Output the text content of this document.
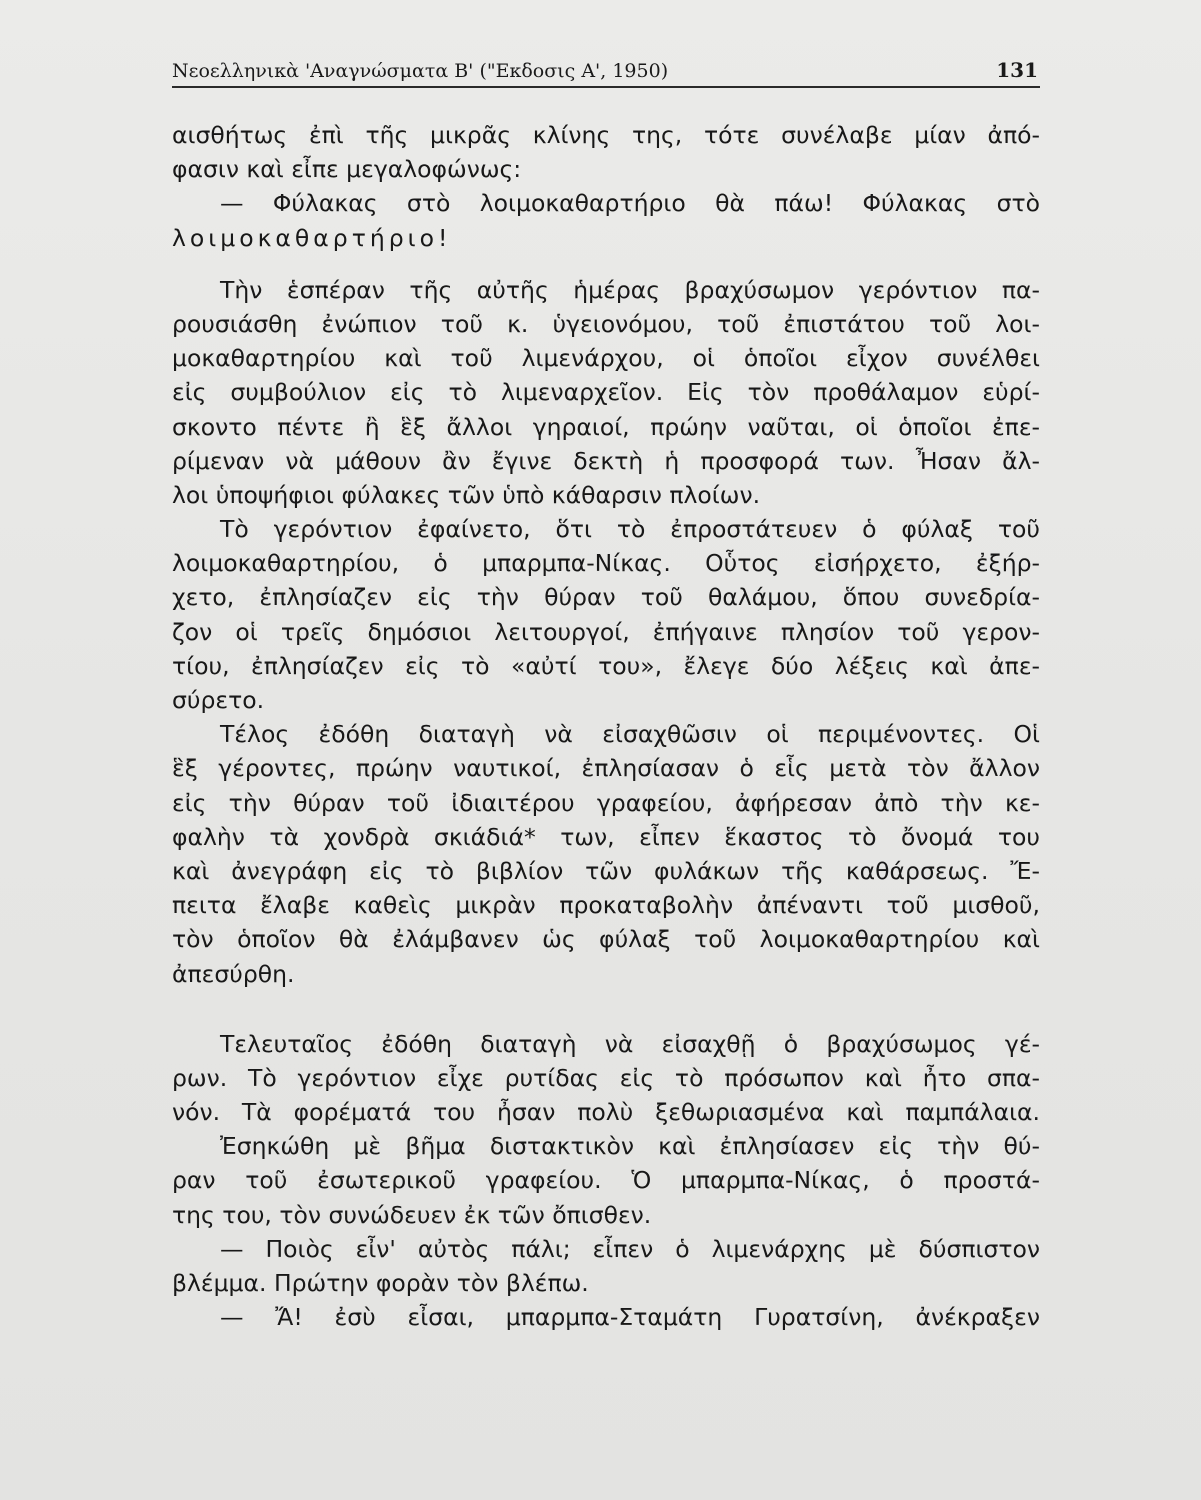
Νεοελληνικὰ 'Αναγνώσματα Β' ("Εκδοσις Α', 1950)	131
αισθήτως ἐπὶ τῆς μικρᾶς κλίνης της, τότε συνέλαβε μίαν ἀπό-
φασιν καὶ εἶπε μεγαλοφώνως:
— Φύλακας στὸ λοιμοκαθαρτήριο θὰ πάω! Φύλακας στὸ
λοιμοκαθαρτήριο!
Τὴν ἑσπέραν τῆς αὐτῆς ἡμέρας βραχύσωμον γερόντιον πα-
ρουσιάσθη ἐνώπιον τοῦ κ. ὑγειονόμου, τοῦ ἐπιστάτου τοῦ λοι-
μοκαθαρτηρίου καὶ τοῦ λιμενάρχου, οἱ ὁποῖοι εἶχον συνέλθει
εἰς συμβούλιον εἰς τὸ λιμεναρχεῖον. Εἰς τὸν προθάλαμον εὑρί-
σκοντο πέντε ἢ ἓξ ἄλλοι γηραιοί, πρώην ναῦται, οἱ ὁποῖοι ἐπε-
ρίμεναν νὰ μάθουν ἂν ἔγινε δεκτὴ ἡ προσφορά των. Ἦσαν ἄλ-
λοι ὑποψήφιοι φύλακες τῶν ὑπὸ κάθαρσιν πλοίων.
Τὸ γερόντιον ἐφαίνετο, ὅτι τὸ ἐπροστάτευεν ὁ φύλαξ τοῦ
λοιμοκαθαρτηρίου, ὁ μπαρμπα-Νίκας. Οὗτος εἰσήρχετο, ἐξήρ-
χετο, ἐπλησίαζεν εἰς τὴν θύραν τοῦ θαλάμου, ὅπου συνεδρία-
ζον οἱ τρεῖς δημόσιοι λειτουργοί, ἐπήγαινε πλησίον τοῦ γερον-
τίου, ἐπλησίαζεν εἰς τὸ «αὐτί του», ἔλεγε δύο λέξεις καὶ ἀπε-
σύρετο.
Τέλος ἐδόθη διαταγὴ νὰ εἰσαχθῶσιν οἱ περιμένοντες. Οἱ
ἓξ γέροντες, πρώην ναυτικοί, ἐπλησίασαν ὁ εἷς μετὰ τὸν ἄλλον
εἰς τὴν θύραν τοῦ ἰδιαιτέρου γραφείου, ἀφήρεσαν ἀπὸ τὴν κε-
φαλὴν τὰ χονδρὰ σκιάδιά* των, εἶπεν ἕκαστος τὸ ὄνομά του
καὶ ἀνεγράφη εἰς τὸ βιβλίον τῶν φυλάκων τῆς καθάρσεως. Ἔ-
πειτα ἔλαβε καθεὶς μικρὰν προκαταβολὴν ἀπέναντι τοῦ μισθοῦ,
τὸν ὁποῖον θὰ ἐλάμβανεν ὡς φύλαξ τοῦ λοιμοκαθαρτηρίου καὶ
ἀπεσύρθη.
Τελευταῖος ἐδόθη διαταγὴ νὰ εἰσαχθῇ ὁ βραχύσωμος γέ-
ρων. Τὸ γερόντιον εἶχε ρυτίδας εἰς τὸ πρόσωπον καὶ ἦτο σπα-
νόν. Τὰ φορέματά του ἦσαν πολὺ ξεθωριασμένα καὶ παμπάλαια.
Ἐσηκώθη μὲ βῆμα διστακτικὸν καὶ ἐπλησίασεν εἰς τὴν θύ-
ραν τοῦ ἐσωτερικοῦ γραφείου. Ὁ μπαρμπα-Νίκας, ὁ προστά-
της του, τὸν συνώδευεν ἐκ τῶν ὄπισθεν.
— Ποιὸς εἶν' αὐτὸς πάλι; εἶπεν ὁ λιμενάρχης μὲ δύσπιστον
βλέμμα. Πρώτην φορὰν τὸν βλέπω.
— Ἄ! ἐσὺ εἶσαι, μπαρμπα-Σταμάτη Γυρατσίνη, ἀνέκραξεν
